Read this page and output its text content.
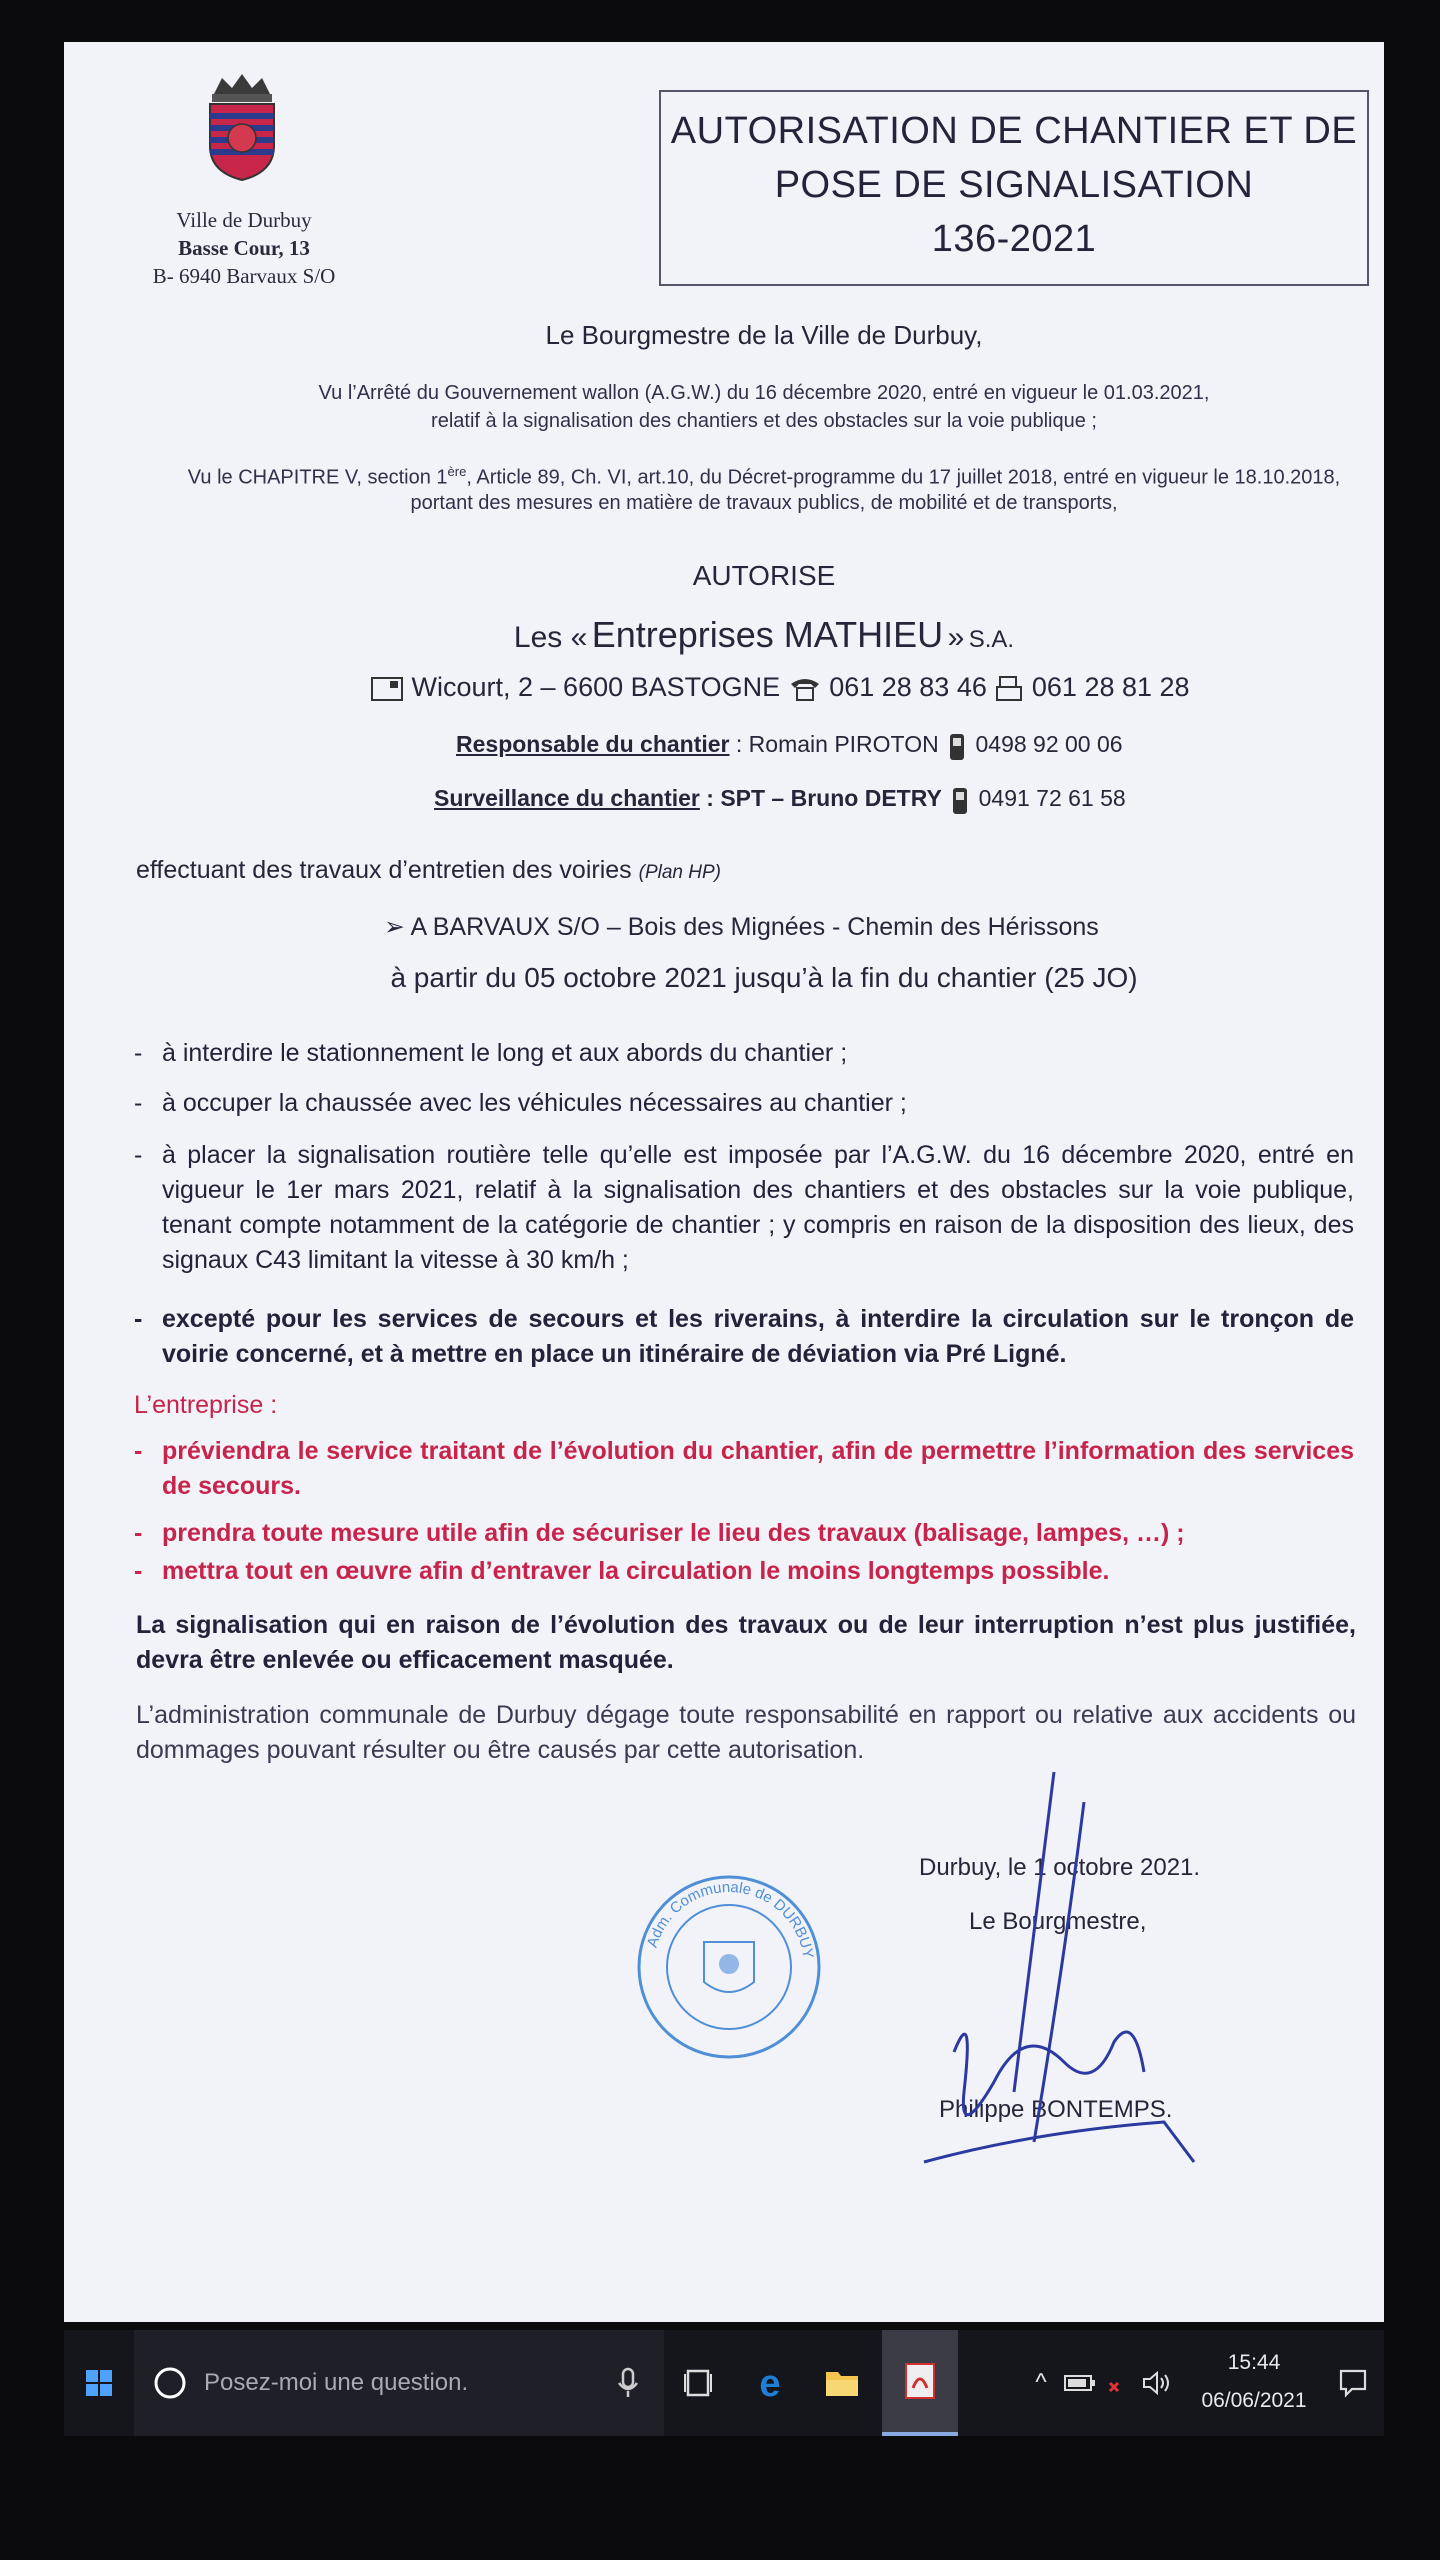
Ville de Durbuy
Basse Cour, 13
B- 6940 Barvaux S/O
AUTORISATION DE CHANTIER ET DE
POSE DE SIGNALISATION
136-2021
Le Bourgmestre de la Ville de Durbuy,
Vu l’Arrêté du Gouvernement wallon (A.G.W.) du 16 décembre 2020, entré en vigueur le 01.03.2021,
relatif à la signalisation des chantiers et des obstacles sur la voie publique ;
Vu le CHAPITRE V, section 1ère, Article 89, Ch. VI, art.10, du Décret-programme du 17 juillet 2018, entré en vigueur le 18.10.2018,
portant des mesures en matière de travaux publics, de mobilité et de transports,
AUTORISE
Les « Entreprises MATHIEU » S.A.
Wicourt, 2 – 6600 BASTOGNE 061 28 83 46 061 28 81 28
Responsable du chantier : Romain PIROTON 0498 92 00 06
Surveillance du chantier : SPT – Bruno DETRY 0491 72 61 58
effectuant des travaux d’entretien des voiries (Plan HP)
➢ A BARVAUX S/O – Bois des Mignées - Chemin des Hérissons
à partir du 05 octobre 2021 jusqu’à la fin du chantier (25 JO)
- à interdire le stationnement le long et aux abords du chantier ;
- à occuper la chaussée avec les véhicules nécessaires au chantier ;
- à placer la signalisation routière telle qu’elle est imposée par l’A.G.W. du 16 décembre 2020, entré en vigueur le 1er mars 2021, relatif à la signalisation des chantiers et des obstacles sur la voie publique, tenant compte notamment de la catégorie de chantier ; y compris en raison de la disposition des lieux, des signaux C43 limitant la vitesse à 30 km/h ;
- excepté pour les services de secours et les riverains, à interdire la circulation sur le tronçon de voirie concerné, et à mettre en place un itinéraire de déviation via Pré Ligné.
L’entreprise :
- préviendra le service traitant de l’évolution du chantier, afin de permettre l’information des services de secours.
- prendra toute mesure utile afin de sécuriser le lieu des travaux (balisage, lampes, …) ;
- mettra tout en œuvre afin d’entraver la circulation le moins longtemps possible.
La signalisation qui en raison de l’évolution des travaux ou de leur interruption n’est plus justifiée, devra être enlevée ou efficacement masquée.
L’administration communale de Durbuy dégage toute responsabilité en rapport ou relative aux accidents ou dommages pouvant résulter ou être causés par cette autorisation.
Durbuy, le 1 octobre 2021.
Le Bourgmestre,
Philippe BONTEMPS.
Adm. Communale de DURBUY
Posez-moi une question.	e	^
15:44
06/06/2021
